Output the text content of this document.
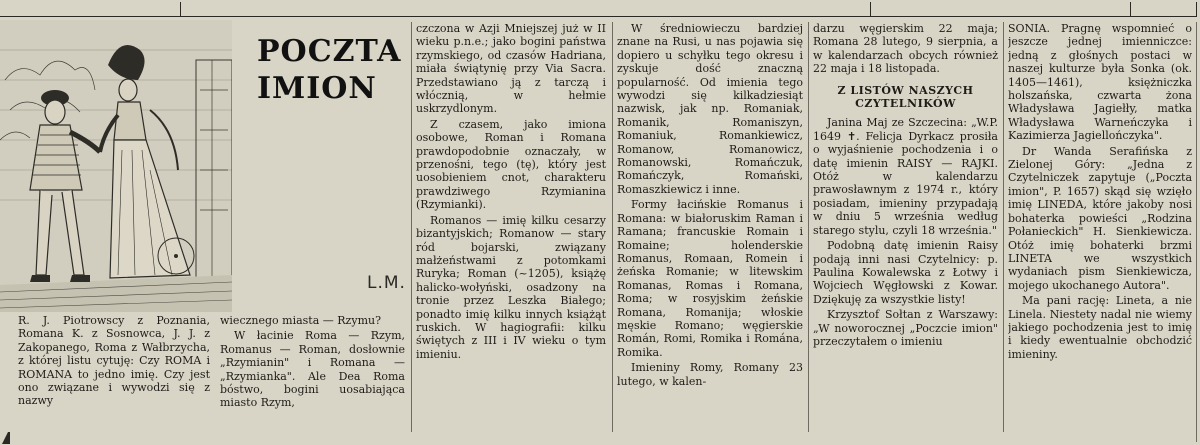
POCZTA
IMION
L.M.

R. J. Piotrowscy z Poznania, Romana K. z Sosnowca, J. J. z Zakopanego, Roma z Wałbrzycha, z której listu cytuję: Czy ROMA i ROMANA to jedno imię. Czy jest ono związane i wywodzi się z nazwy

wiecznego miasta — Rzymu?

W łacinie Roma — Rzym, Romanus — Roman, dosłownie „Rzymianin" i Romana — „Rzymianka". Ale Dea Roma bóstwo, bogini uosabiająca miasto Rzym,

czczona w Azji Mniejszej już w II wieku p.n.e.; jako bogini państwa rzymskiego, od czasów Hadriana, miała świątynię przy Via Sacra. Przedstawiano ją z tarczą i włócznią, w hełmie uskrzydlonym.

Z czasem, jako imiona osobowe, Roman i Romana prawdopodobnie oznaczały, w przenośni, tego (tę), który jest uosobieniem cnot, charakteru prawdziwego Rzymianina (Rzymianki).

Romanos — imię kilku cesarzy bizantyjskich; Romanow — stary ród bojarski, związany małżeństwami z potomkami Ruryka; Roman (~1205), książę halicko-wołyński, osadzony na tronie przez Leszka Białego; ponadto imię kilku innych książąt ruskich. W hagiografii: kilku świętych z III i IV wieku o tym imieniu.

W średniowieczu bardziej znane na Rusi, u nas pojawia się dopiero u schyłku tego okresu i zyskuje dość znaczną popularność. Od imienia tego wywodzi się kilkadziesiąt nazwisk, jak np. Romaniak, Romanik, Romaniszyn, Romaniuk, Romankiewicz, Romanow, Romanowicz, Romanowski, Romańczuk, Romańczyk, Romański, Romaszkiewicz i inne.

Formy łacińskie Romanus i Romana: w białoruskim Raman i Ramana; francuskie Romain i Romaine; holenderskie Romanus, Romaan, Romein i żeńska Romanie; w litewskim Romanas, Romas i Romana, Roma; w rosyjskim żeńskie Romana, Romanija; włoskie męskie Romano; węgierskie Román, Romi, Romika i Romána, Romika.

Imieniny Romy, Romany 23 lutego, w kalen-

darzu węgierskim 22 maja; Romana 28 lutego, 9 sierpnia, a w kalendarzach obcych również 22 maja i 18 listopada.

Z LISTÓW NASZYCH CZYTELNIKÓW

Janina Maj ze Szczecina: „W.P. 1649 ✝. Felicja Dyrkacz prosiła o wyjaśnienie pochodzenia i o datę imienin RAISY — RAJKI. Otóż w kalendarzu prawosławnym z 1974 r., który posiadam, imieniny przypadają w dniu 5 września według starego stylu, czyli 18 września."

Podobną datę imienin Raisy podają inni nasi Czytelnicy: p. Paulina Kowalewska z Łotwy i Wojciech Węgłowski z Kowar. Dziękuję za wszystkie listy!

Krzysztof Sołtan z Warszawy: „W noworocznej „Poczcie imion" przeczytałem o imieniu

SONIA. Pragnę wspomnieć o jeszcze jednej imienniczce: jedną z głośnych postaci w naszej kulturze była Sonka (ok. 1405—1461), księżniczka holszańska, czwarta żona Władysława Jagiełły, matka Władysława Warneńczyka i Kazimierza Jagiellończyka".

Dr Wanda Serafińska z Zielonej Góry: „Jedna z Czytelniczek zapytuje („Poczta imion", P. 1657) skąd się wzięło imię LINEDA, które jakoby nosi bohaterka powieści „Rodzina Połanieckich" H. Sienkiewicza. Otóż imię bohaterki brzmi LINETA we wszystkich wydaniach pism Sienkiewicza, mojego ukochanego Autora".

Ma pani rację: Lineta, a nie Linela. Niestety nadal nie wiemy jakiego pochodzenia jest to imię i kiedy ewentualnie obchodzić imieniny.
